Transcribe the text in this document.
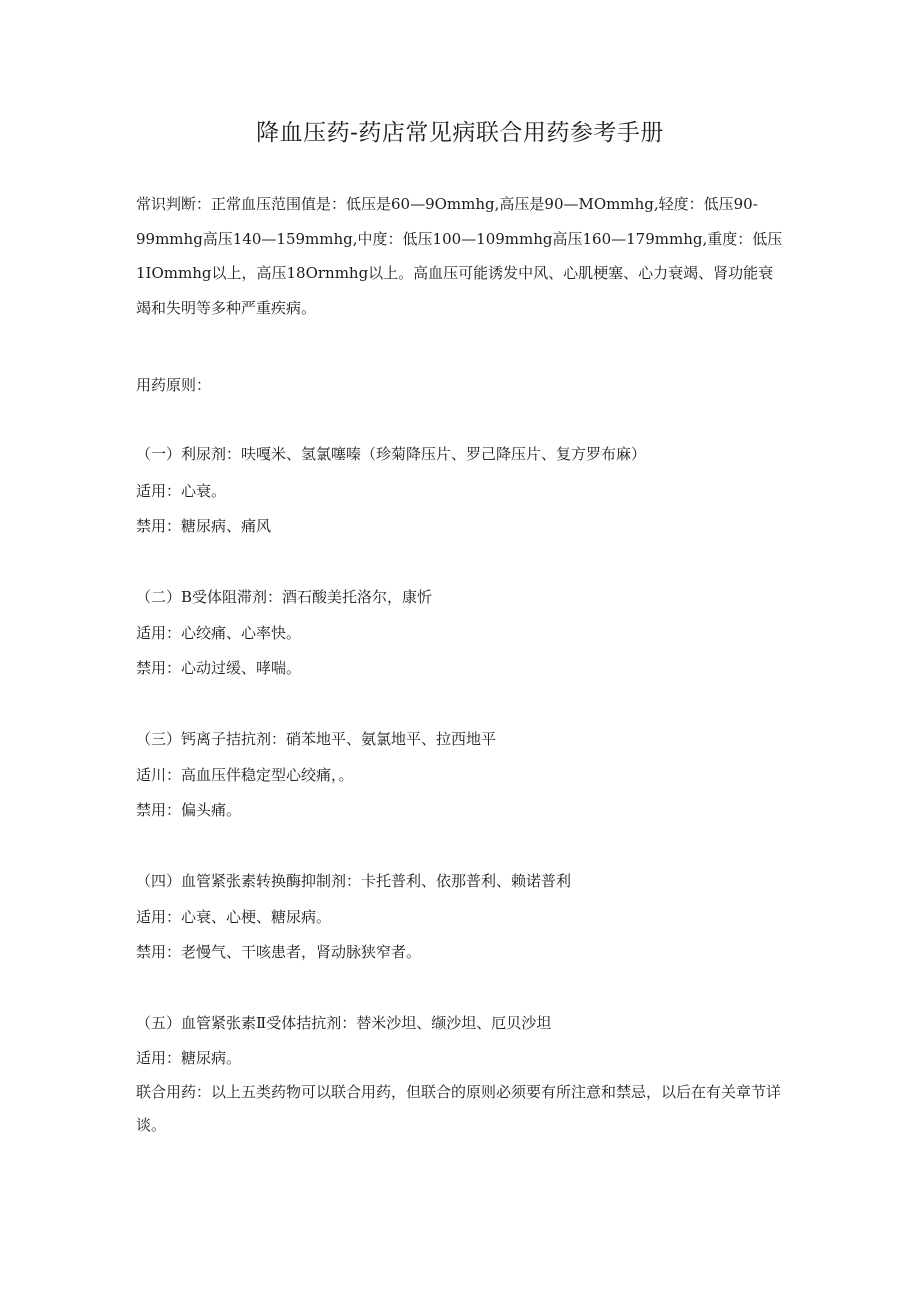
降血压药-药店常见病联合用药参考手册
常识判断：正常血压范围值是：低压是60—9Ommhg,高压是90—MOmmhg,轻度：低压90-99mmhg高压140—159mmhg,中度：低压100—109mmhg高压160—179mmhg,重度：低压1IOmmhg以上，高压18Ornmhg以上。高血压可能诱发中风、心肌梗塞、心力衰竭、肾功能衰竭和失明等多种严重疾病。
用药原则：
（一）利尿剂：呋嘎米、氢氯噻嗪（珍菊降压片、罗己降压片、复方罗布麻）
适用：心衰。
禁用：糖尿病、痛风
（二）B受体阻滞剂：酒石酸美托洛尔，康忻
适用：心绞痛、心率快。
禁用：心动过缓、哮喘。
（三）钙离子拮抗剂：硝苯地平、氨氯地平、拉西地平
适川：高血压伴稳定型心绞痛，。
禁用：偏头痛。
（四）血管紧张素转换酶抑制剂：卡托普利、依那普利、赖诺普利
适用：心衰、心梗、糖尿病。
禁用：老慢气、干咳患者，肾动脉狭窄者。
（五）血管紧张素Ⅱ受体拮抗剂：替米沙坦、缬沙坦、厄贝沙坦
适用：糖尿病。
联合用药：以上五类药物可以联合用药，但联合的原则必须要有所注意和禁忌，以后在有关章节详谈。
